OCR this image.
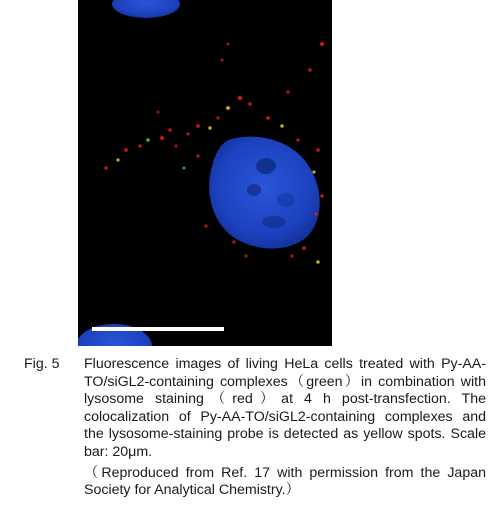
Fig. 5	Fluorescence images of living HeLa cells treated with Py-AA-TO/siGL2-containing complexes（green）in combination with lysosome staining（red）at 4 h post-transfection. The colocalization of Py-AA-TO/siGL2-containing complexes and the lysosome-staining probe is detected as yellow spots. Scale bar: 20μm.
（Reproduced from Ref. 17 with permission from the Japan Society for Analytical Chemistry.）
